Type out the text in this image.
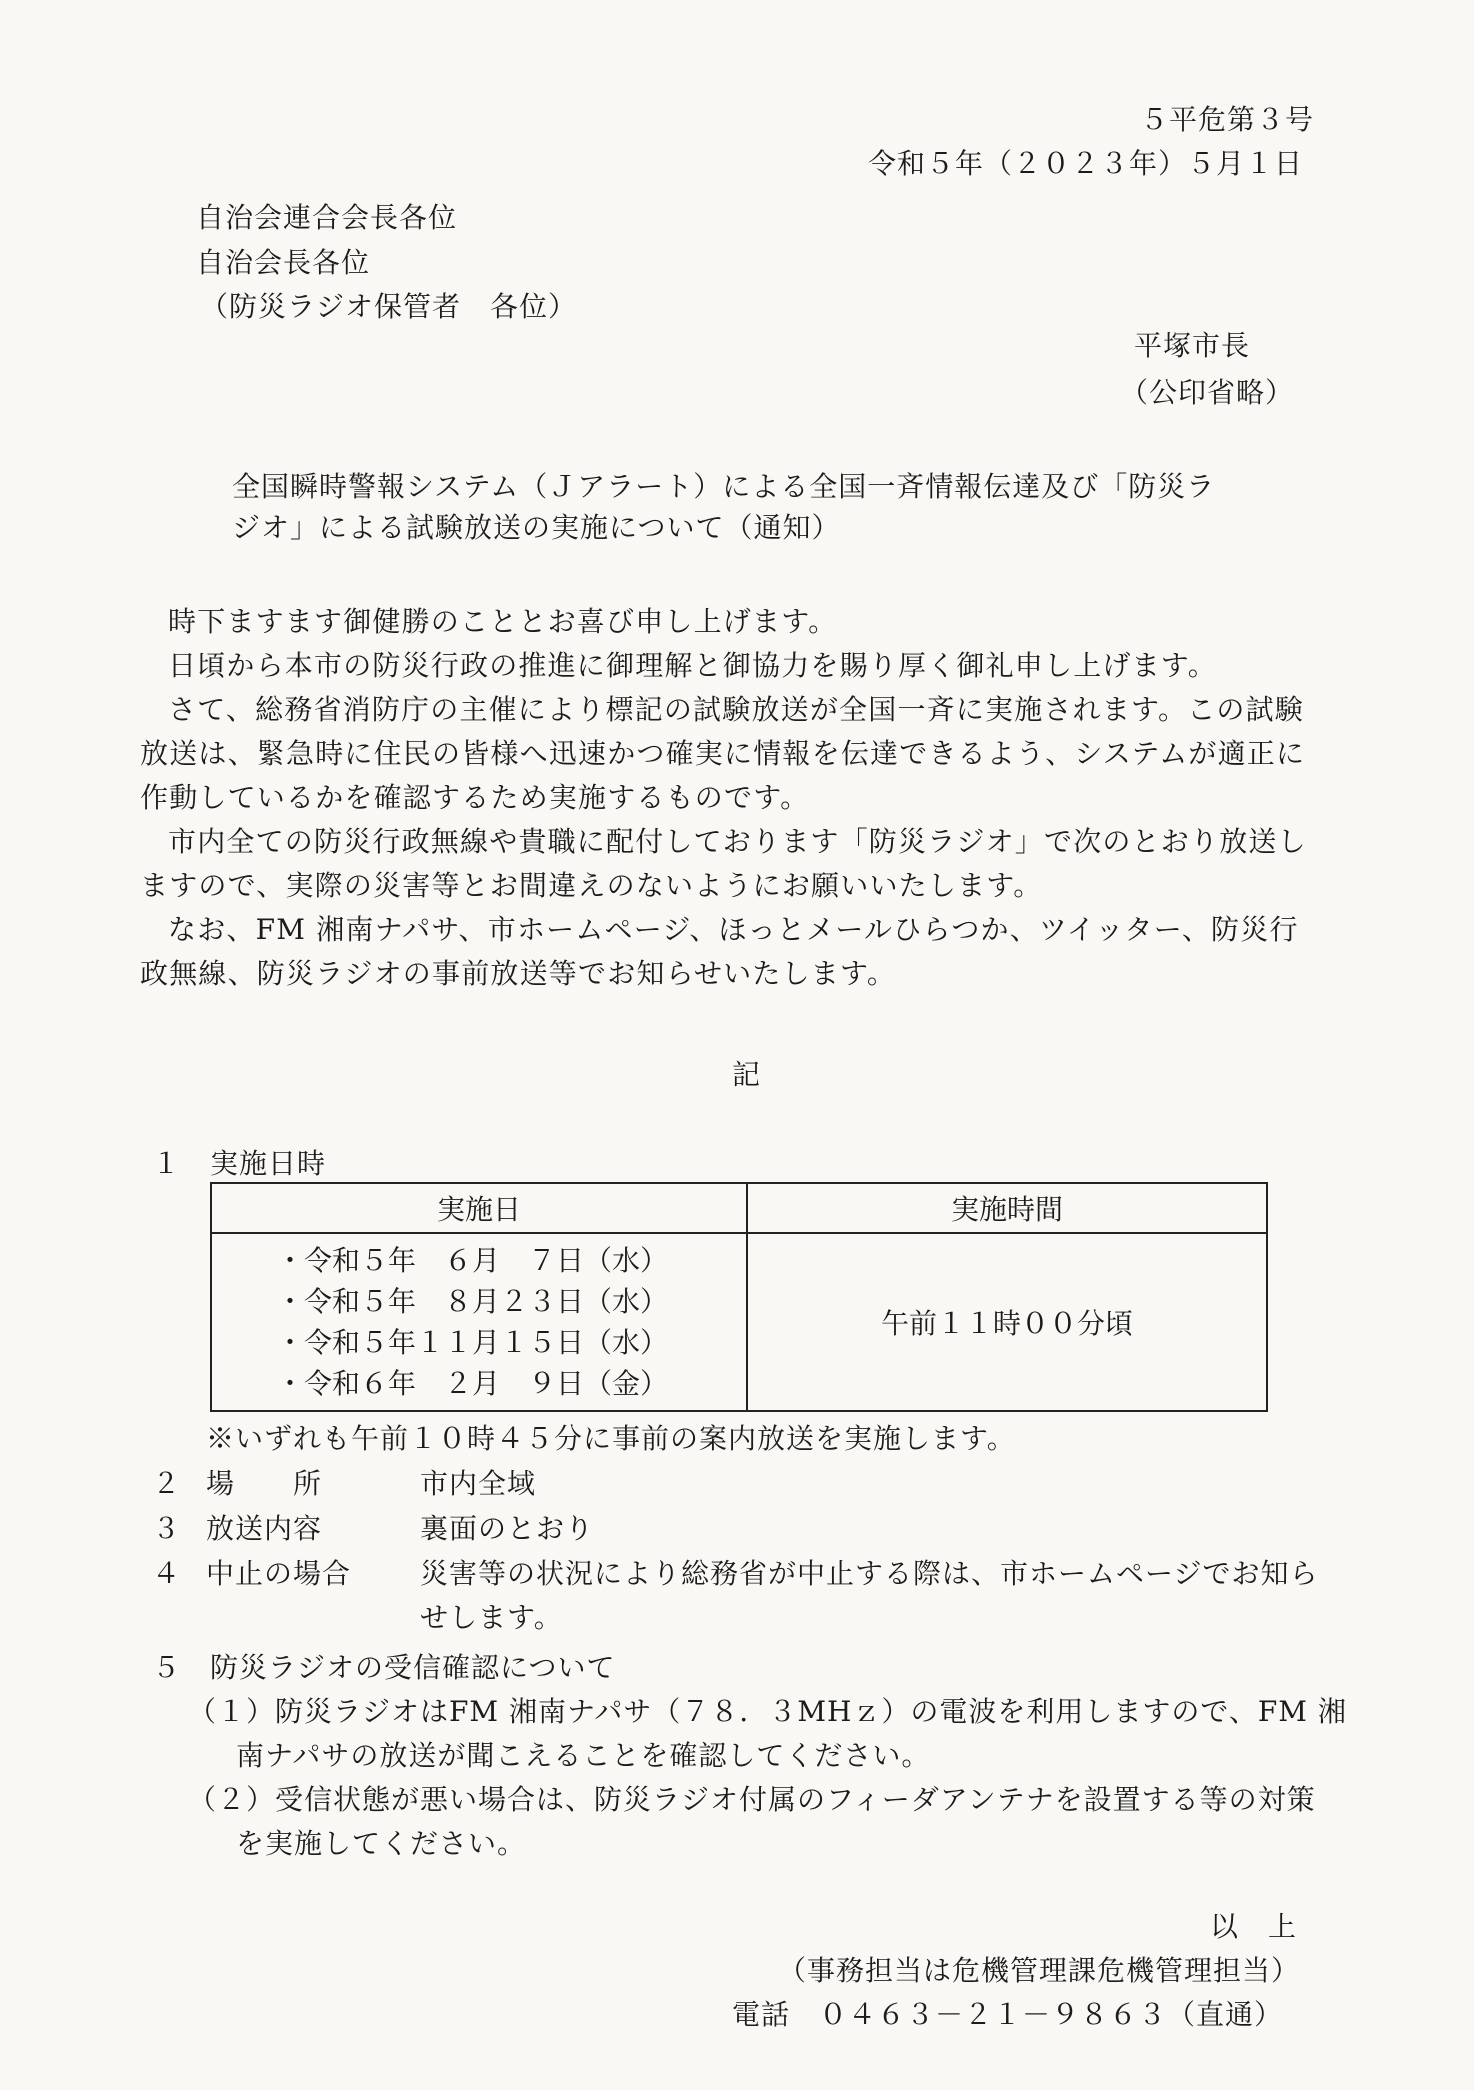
５平危第３号
令和５年（２０２３年）５月１日
自治会連合会長各位
自治会長各位
（防災ラジオ保管者　各位）
平塚市長
（公印省略）
全国瞬時警報システム（Ｊアラート）による全国一斉情報伝達及び「防災ラ
ジオ」による試験放送の実施について（通知）

時下ますます御健勝のこととお喜び申し上げます。

日頃から本市の防災行政の推進に御理解と御協力を賜り厚く御礼申し上げます。

さて、総務省消防庁の主催により標記の試験放送が全国一斉に実施されます。この試験

放送は、緊急時に住民の皆様へ迅速かつ確実に情報を伝達できるよう、システムが適正に

作動しているかを確認するため実施するものです。

市内全ての防災行政無線や貴職に配付しております「防災ラジオ」で次のとおり放送し

ますので、実際の災害等とお間違えのないようにお願いいたします。

なお、FM 湘南ナパサ、市ホームページ、ほっとメールひらつか、ツイッター、防災行

政無線、防災ラジオの事前放送等でお知らせいたします。

記
１　実施日時
実施日	実施時間

・令和５年　６月　７日（水）
・令和５年　８月２３日（水）
・令和５年１１月１５日（水）
・令和６年　２月　９日（金）	午前１１時００分頃
※いずれも午前１０時４５分に事前の案内放送を実施します。
２ 場　　所	市内全域
３ 放送内容	裏面のとおり
４ 中止の場合 災害等の状況により総務省が中止する際は、市ホームページでお知ら
せします。
５　防災ラジオの受信確認について
（１）防災ラジオはFM 湘南ナパサ（７８．３MHｚ）の電波を利用しますので、FM 湘
南ナパサの放送が聞こえることを確認してください。
（２）受信状態が悪い場合は、防災ラジオ付属のフィーダアンテナを設置する等の対策
を実施してください。
以　上
（事務担当は危機管理課危機管理担当）
電話　０４６３－２１－９８６３（直通）
